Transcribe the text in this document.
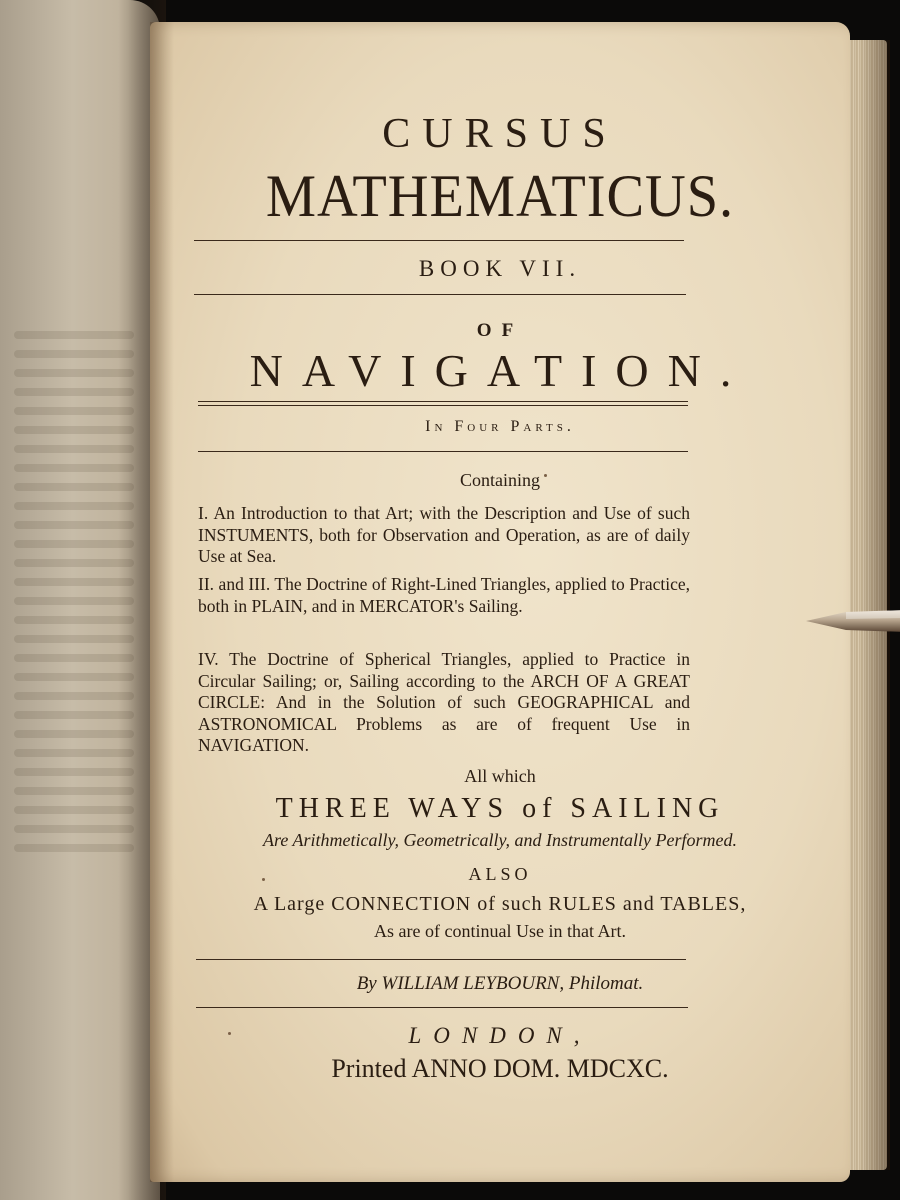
CURSUS
MATHEMATICUS.
BOOK VII.
OF
NAVIGATION.
In Four Parts.
Containing
I. An Introduction to that Art; with the Description and Use of such INSTUMENTS, both for Observation and Operation, as are of daily Use at Sea.
II. and III. The Doctrine of Right-Lined Triangles, applied to Practice, both in PLAIN, and in MERCATOR's Sailing.
IV. The Doctrine of Spherical Triangles, applied to Practice in Circular Sailing; or, Sailing according to the ARCH OF A GREAT CIRCLE: And in the Solution of such GEOGRAPHICAL and ASTRONOMICAL Problems as are of frequent Use in NAVIGATION.
All which
THREE WAYS of SAILING
Are Arithmetically, Geometrically, and Instrumentally Performed.
ALSO
A Large CONNECTION of such RULES and TABLES,
As are of continual Use in that Art.
By WILLIAM LEYBOURN, Philomat.
LONDON,
Printed ANNO DOM. MDCXC.
